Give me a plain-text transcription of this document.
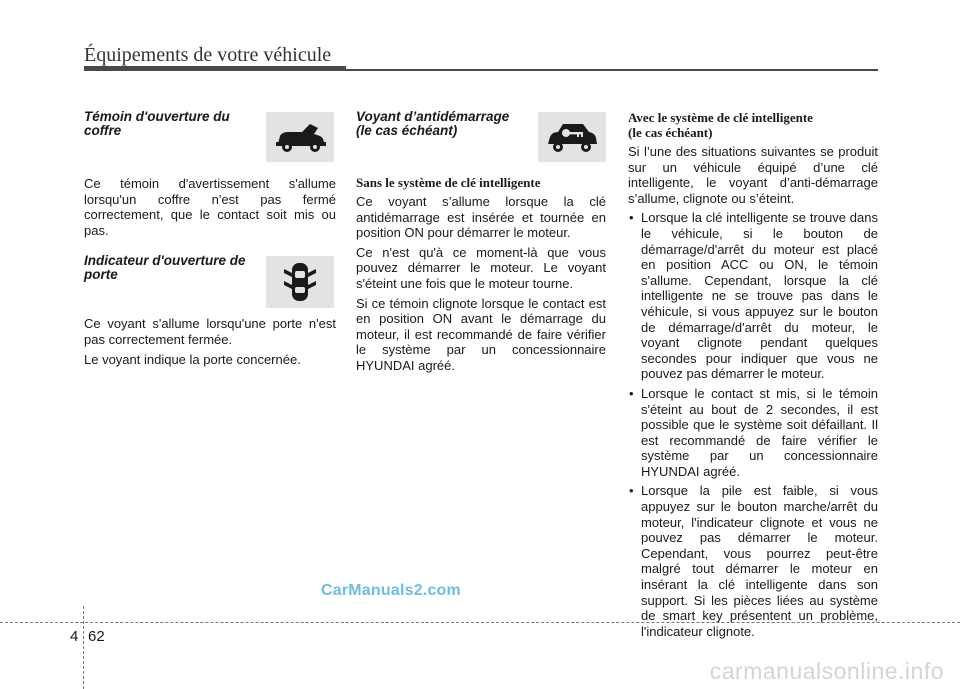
Équipements de votre véhicule
Témoin d'ouverture du coffre

Ce témoin d'avertissement s'allume lorsqu'un coffre n'est pas fermé correctement, que le contact soit mis ou pas.

Indicateur d'ouverture de porte

Ce voyant s'allume lorsqu'une porte n'est pas correctement fermée.

Le voyant indique la porte concernée.

Voyant d’antidémarrage (le cas échéant)
Sans le système de clé intelligente

Ce voyant s’allume lorsque la clé antidémarrage est insérée et tournée en position ON pour démarrer le moteur.

Ce n'est qu'à ce moment-là que vous pouvez démarrer le moteur. Le voyant s'éteint une fois que le moteur tourne.

Si ce témoin clignote lorsque le contact est en position ON avant le démarrage du moteur, il est recommandé de faire vérifier le système par un concessionnaire HYUNDAI agréé.

Avec le système de clé intelligente
(le cas échéant)

Si l’une des situations suivantes se produit sur un véhicule équipé d’une clé intelligente, le voyant d’anti-démarrage s’allume, clignote ou s’éteint.

• Lorsque la clé intelligente se trouve dans le véhicule, si le bouton de démarrage/d'arrêt du moteur est placé en position ACC ou ON, le témoin s'allume. Cependant, lorsque la clé intelligente ne se trouve pas dans le véhicule, si vous appuyez sur le bouton de démarrage/d'arrêt du moteur, le voyant clignote pendant quelques secondes pour indiquer que vous ne pouvez pas démarrer le moteur.
• Lorsque le contact st mis, si le témoin s'éteint au bout de 2 secondes, il est possible que le système soit défaillant. Il est recommandé de faire vérifier le système par un concessionnaire HYUNDAI agréé.
• Lorsque la pile est faible, si vous appuyez sur le bouton marche/arrêt du moteur, l'indicateur clignote et vous ne pouvez pas démarrer le moteur. Cependant, vous pourrez peut-être malgré tout démarrer le moteur en insérant la clé intelligente dans son support. Si les pièces liées au système de smart key présentent un problème, l'indicateur clignote.
CarManuals2.com
4 62
carmanualsonline.info
